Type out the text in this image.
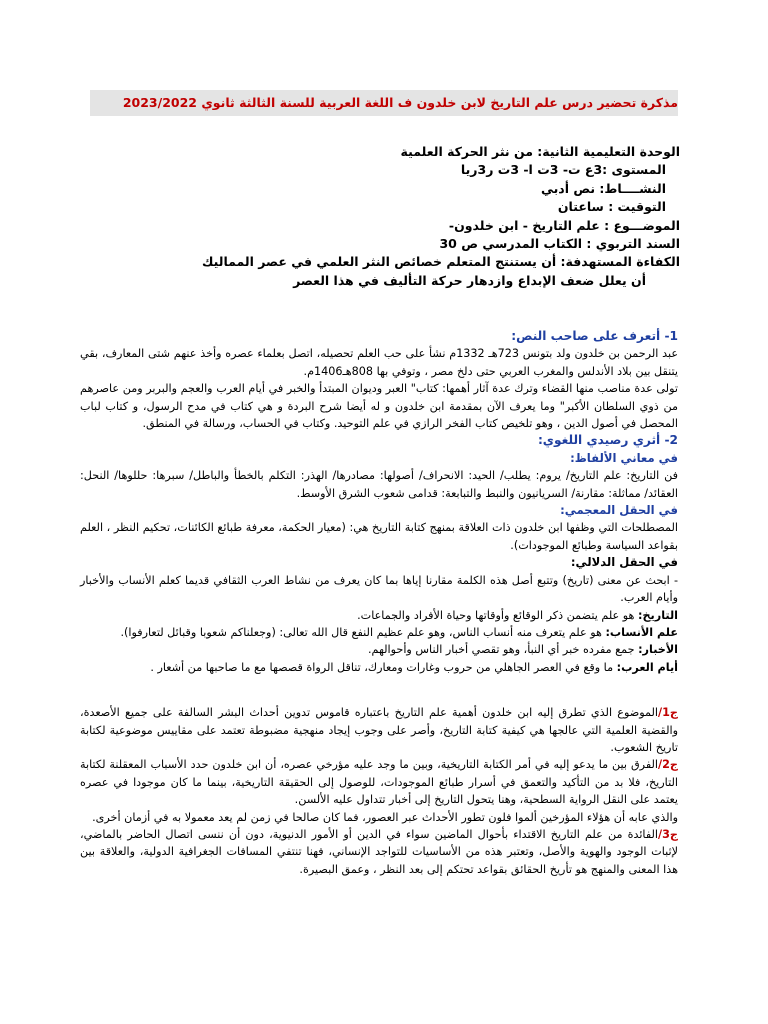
مذكرة تحضير درس علم التاريخ لابن خلدون ف اللغة العربية للسنة الثالثة ثانوي 2023/2022
الوحدة التعليمية الثانية: من نثر الحركة العلمية
المستوى :3ع ت- 3ت ا- 3ت ر3ريا
النشــــاط: نص أدبي
التوقيت : ساعتان
الموضـــوع : علم التاريخ - ابن خلدون-
السند التربوي : الكتاب المدرسي ص 30
الكفاءة المستهدفة: أن يستنتج المتعلم خصائص النثر العلمي في عصر المماليك
أن يعلل ضعف الإبداع وازدهار حركة التأليف في هذا العصر

1- أتعرف على صاحب النص:

عبد الرحمن بن خلدون ولد بتونس 723هـ 1332م نشأ على حب العلم تحصيله، اتصل بعلماء عصره وأخذ عنهم شتى المعارف، بقي يتنقل بين بلاد الأندلس والمغرب العربي حتى دلخ مصر ، وتوفي بها 808هـ1406م.

تولى عدة مناصب منها القضاء وترك عدة آثار أهمها: كتاب" العبر وديوان المبتدأ والخبر في أيام العرب والعجم والبربر ومن عاصرهم من ذوي السلطان الأكبر" وما يعرف الآن بمقدمة ابن خلدون و له أيضا شرح البردة و هي كتاب في مدح الرسول، و كتاب لباب المحصل في أصول الدين ، وهو تلخيص كتاب الفخر الرازي في علم التوحيد. وكتاب في الحساب، ورسالة في المنطق.

2- أثري رصيدي اللغوي:

في معاني الألفاظ:

فن التاريخ: علم التاريخ/ يروم: يطلب/ الحيد: الانحراف/ أصولها: مصادرها/ الهذر: التكلم بالخطأ والباطل/ سبرها: حللوها/ النحل: العقائد/ مماثلة: مقارنة/ السريانيون والنبط والتبابعة: قدامى شعوب الشرق الأوسط.

في الحقل المعجمي:

المصطلحات التي وظفها ابن خلدون ذات العلاقة بمنهج كتابة التاريخ هي: (معيار الحكمة، معرفة طبائع الكائنات، تحكيم النظر ، العلم بقواعد السياسة وطبائع الموجودات).

في الحقل الدلالي:

- ابحث عن معنى (تاريخ) وتتبع أصل هذه الكلمة مقارنا إياها بما كان يعرف من نشاط العرب الثقافي قديما كعلم الأنساب والأخبار وأيام العرب.

التاريخ: هو علم يتضمن ذكر الوقائع وأوقاتها وحياة الأفراد والجماعات.

علم الأنساب: هو علم يتعرف منه أنساب الناس، وهو علم عظيم النفع قال الله تعالى: (وجعلناكم شعوبا وقبائل لتعارفوا).

الأخبار: جمع مفرده خبر أي النبأ، وهو تقصي أخبار الناس وأحوالهم.

أيام العرب: ما وقع في العصر الجاهلي من حروب وغارات ومعارك، تناقل الرواة قصصها مع ما صاحبها من أشعار .

ج1/الموضوع الذي تطرق إليه ابن خلدون أهمية علم التاريخ باعتباره قاموس تدوين أحداث البشر السالفة على جميع الأصعدة، والقضية العلمية التي عالجها هي كيفية كتابة التاريخ، وأصر على وجوب إيجاد منهجية مضبوطة تعتمد على مقاييس موضوعية لكتابة تاريخ الشعوب.

ج2/الفرق بين ما يدعو إليه في أمر الكتابة التاريخية، وبين ما وجد عليه مؤرخي عصره، أن ابن خلدون حدد الأسباب المعقلنة لكتابة التاريخ، فلا بد من التأكيد والتعمق في أسرار طبائع الموجودات، للوصول إلى الحقيقة التاريخية، بينما ما كان موجودا في عصره يعتمد على النقل الرواية السطحية، وهنا يتحول التاريخ إلى أخبار تتداول عليه الألسن.

والذي عابه أن هؤلاء المؤرخين ألموا فلون تطور الأحداث عبر العصور، فما كان صالحا في زمن لم يعد معمولا به في أزمان أخرى.

ج3/الفائدة من علم التاريخ الاقتداء بأحوال الماضين سواء في الدين أو الأمور الدنيوية، دون أن ننسى اتصال الحاضر بالماضي، لإثبات الوجود والهوية والأصل، وتعتبر هذه من الأساسيات للتواجد الإنساني، فهنا تنتفي المسافات الجغرافية الدولية، والعلاقة بين هذا المعنى والمنهج هو تأريخ الحقائق بقواعد تحتكم إلى بعد النظر ، وعمق البصيرة.
